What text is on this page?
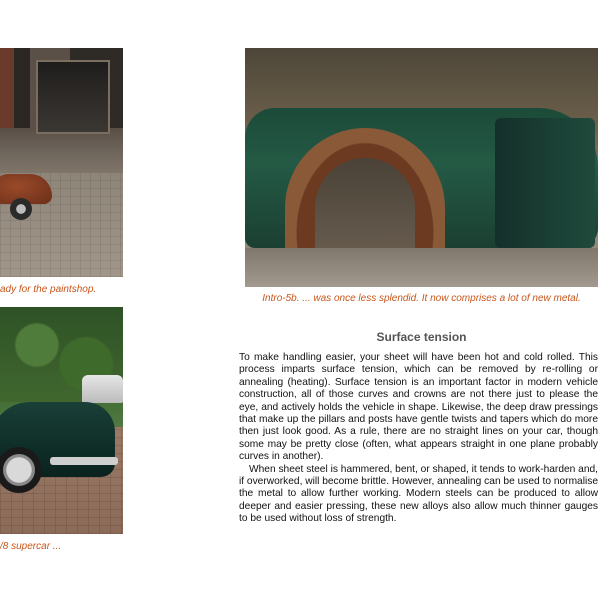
ady for the paintshop.

Intro-5b. ... was once less splendid. It now comprises a lot of new metal.

/8 supercar ...

Surface tension

To make handling easier, your sheet will have been hot and cold rolled. This process imparts surface tension, which can be removed by re-rolling or annealing (heating). Surface tension is an important factor in modern vehicle construction, all of those curves and crowns are not there just to please the eye, and actively holds the vehicle in shape. Likewise, the deep draw pressings that make up the pillars and posts have gentle twists and tapers which do more then just look good. As a rule, there are no straight lines on your car, though some may be pretty close (often, what appears straight in one plane probably curves in another).

When sheet steel is hammered, bent, or shaped, it tends to work-harden and, if overworked, will become brittle. However, annealing can be used to normalise the metal to allow further working. Modern steels can be produced to allow deeper and easier pressing, these new alloys also allow much thinner gauges to be used without loss of strength.
